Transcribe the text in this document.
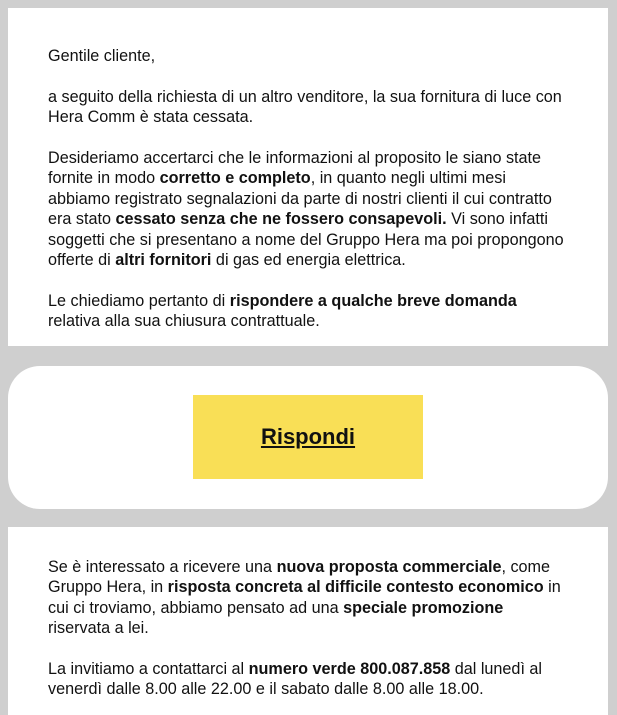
Gentile cliente,

a seguito della richiesta di un altro venditore, la sua fornitura di luce con Hera Comm è stata cessata.

Desideriamo accertarci che le informazioni al proposito le siano state fornite in modo corretto e completo, in quanto negli ultimi mesi abbiamo registrato segnalazioni da parte di nostri clienti il cui contratto era stato cessato senza che ne fossero consapevoli. Vi sono infatti soggetti che si presentano a nome del Gruppo Hera ma poi propongono offerte di altri fornitori di gas ed energia elettrica.

Le chiediamo pertanto di rispondere a qualche breve domanda relativa alla sua chiusura contrattuale.

Rispondi

Se è interessato a ricevere una nuova proposta commerciale, come Gruppo Hera, in risposta concreta al difficile contesto economico in cui ci troviamo, abbiamo pensato ad una speciale promozione riservata a lei.

La invitiamo a contattarci al numero verde 800.087.858 dal lunedì al venerdì dalle 8.00 alle 22.00 e il sabato dalle 8.00 alle 18.00.
